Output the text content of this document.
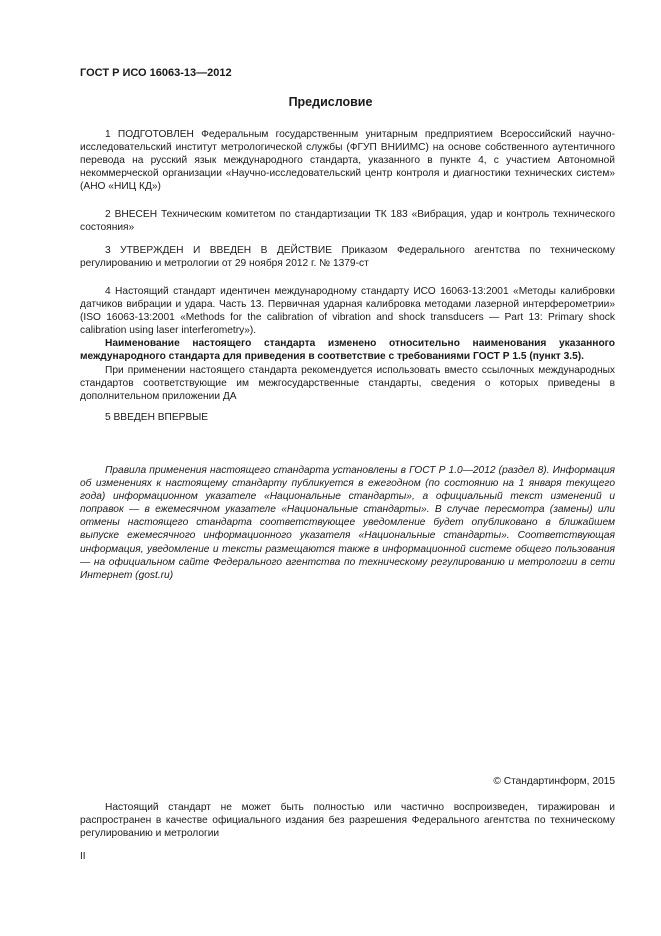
ГОСТ Р ИСО 16063-13—2012
Предисловие

1 ПОДГОТОВЛЕН Федеральным государственным унитарным предприятием Всероссийский научно-исследовательский институт метрологической службы (ФГУП ВНИИМС) на основе собственного аутентичного перевода на русский язык международного стандарта, указанного в пункте 4, с участием Автономной некоммерческой организации «Научно-исследовательский центр контроля и диагностики технических систем» (АНО «НИЦ КД»)

2 ВНЕСЕН Техническим комитетом по стандартизации ТК 183 «Вибрация, удар и контроль технического состояния»

3 УТВЕРЖДЕН И ВВЕДЕН В ДЕЙСТВИЕ Приказом Федерального агентства по техническому регулированию и метрологии от 29 ноября 2012 г. № 1379-ст

4 Настоящий стандарт идентичен международному стандарту ИСО 16063-13:2001 «Методы калибровки датчиков вибрации и удара. Часть 13. Первичная ударная калибровка методами лазерной интерферометрии» (ISO 16063-13:2001 «Methods for the calibration of vibration and shock transducers — Part 13: Primary shock calibration using laser interferometry»).

Наименование настоящего стандарта изменено относительно наименования указанного международного стандарта для приведения в соответствие с требованиями ГОСТ Р 1.5 (пункт 3.5).

При применении настоящего стандарта рекомендуется использовать вместо ссылочных международных стандартов соответствующие им межгосударственные стандарты, сведения о которых приведены в дополнительном приложении ДА

5 ВВЕДЕН ВПЕРВЫЕ

Правила применения настоящего стандарта установлены в ГОСТ Р 1.0—2012 (раздел 8). Информация об изменениях к настоящему стандарту публикуется в ежегодном (по состоянию на 1 января текущего года) информационном указателе «Национальные стандарты», а официальный текст изменений и поправок — в ежемесячном указателе «Национальные стандарты». В случае пересмотра (замены) или отмены настоящего стандарта соответствующее уведомление будет опубликовано в ближайшем выпуске ежемесячного информационного указателя «Национальные стандарты». Соответствующая информация, уведомление и тексты размещаются также в информационной системе общего пользования — на официальном сайте Федерального агентства по техническому регулированию и метрологии в сети Интернет (gost.ru)

© Стандартинформ, 2015

Настоящий стандарт не может быть полностью или частично воспроизведен, тиражирован и распространен в качестве официального издания без разрешения Федерального агентства по техническому регулированию и метрологии

II
